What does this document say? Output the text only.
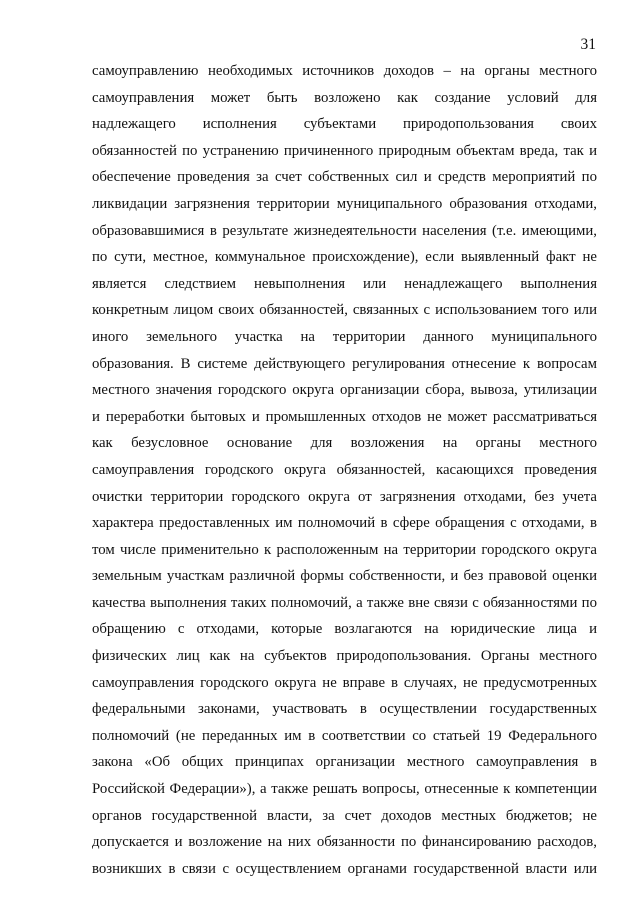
31
самоуправлению необходимых источников доходов – на органы местного
самоуправления может быть возложено как создание условий для
надлежащего исполнения субъектами природопользования своих
обязанностей по устранению причиненного природным объектам вреда, так и
обеспечение проведения за счет собственных сил и средств мероприятий по
ликвидации загрязнения территории муниципального образования отходами,
образовавшимися в результате жизнедеятельности населения (т.е. имеющими,
по сути, местное, коммунальное происхождение), если выявленный факт не
является следствием невыполнения или ненадлежащего выполнения
конкретным лицом своих обязанностей, связанных с использованием того или
иного земельного участка на территории данного муниципального
образования. В системе действующего регулирования отнесение к вопросам
местного значения городского округа организации сбора, вывоза, утилизации
и переработки бытовых и промышленных отходов не может рассматриваться
как безусловное основание для возложения на органы местного
самоуправления городского округа обязанностей, касающихся проведения
очистки территории городского округа от загрязнения отходами, без учета
характера предоставленных им полномочий в сфере обращения с отходами, в
том числе применительно к расположенным на территории городского округа
земельным участкам различной формы собственности, и без правовой оценки
качества выполнения таких полномочий, а также вне связи с обязанностями по
обращению с отходами, которые возлагаются на юридические лица и
физических лиц как на субъектов природопользования. Органы местного
самоуправления городского округа не вправе в случаях, не предусмотренных
федеральными законами, участвовать в осуществлении государственных
полномочий (не переданных им в соответствии со статьей 19 Федерального
закона «Об общих принципах организации местного самоуправления в
Российской Федерации»), а также решать вопросы, отнесенные к компетенции
органов государственной власти, за счет доходов местных бюджетов; не
допускается и возложение на них обязанности по финансированию расходов,
возникших в связи с осуществлением органами государственной власти или
